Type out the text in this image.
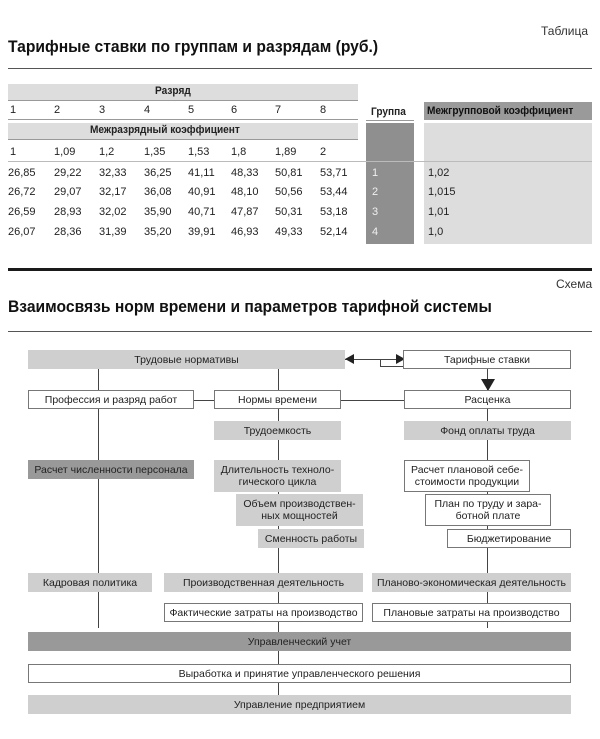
Таблица
Тарифные ставки по группам и разрядам (руб.)
Разряд
Межразрядный коэффициент
1	2	3	4	5	6	7	8
1	1,09 1,2	1,35 1,53 1,8	1,89 2
Группа Межгрупповой коэффициент
26,85 29,22 32,33 36,25 41,11 48,33 50,81 53,71 1	1,02
26,72 29,07 32,17 36,08 40,91 48,10 50,56 53,44 2	1,015
26,59 28,93 32,02 35,90 40,71 47,87 50,31 53,18 3	1,01
26,07 28,36 31,39 35,20 39,91 46,93 49,33 52,14 4	1,0
Схема
Взаимосвязь норм времени и параметров тарифной системы
Трудовые нормативы	Тарифные ставки
Профессия и разряд работ	Нормы времени	Расценка
Трудоемкость	Фонд оплаты труда
Расчет численности персонала	Длительность техноло-
гического цикла
Расчет плановой себе-
стоимости продукции
Объем производствен-
ных мощностей
План по труду и зара-
ботной плате
Сменность работы	Бюджетирование
Кадровая политика	Производственная деятельность	Планово-экономическая деятельность
Фактические затраты на производство	Плановые затраты на производство
Управленческий учет
Выработка и принятие управленческого решения
Управление предприятием
